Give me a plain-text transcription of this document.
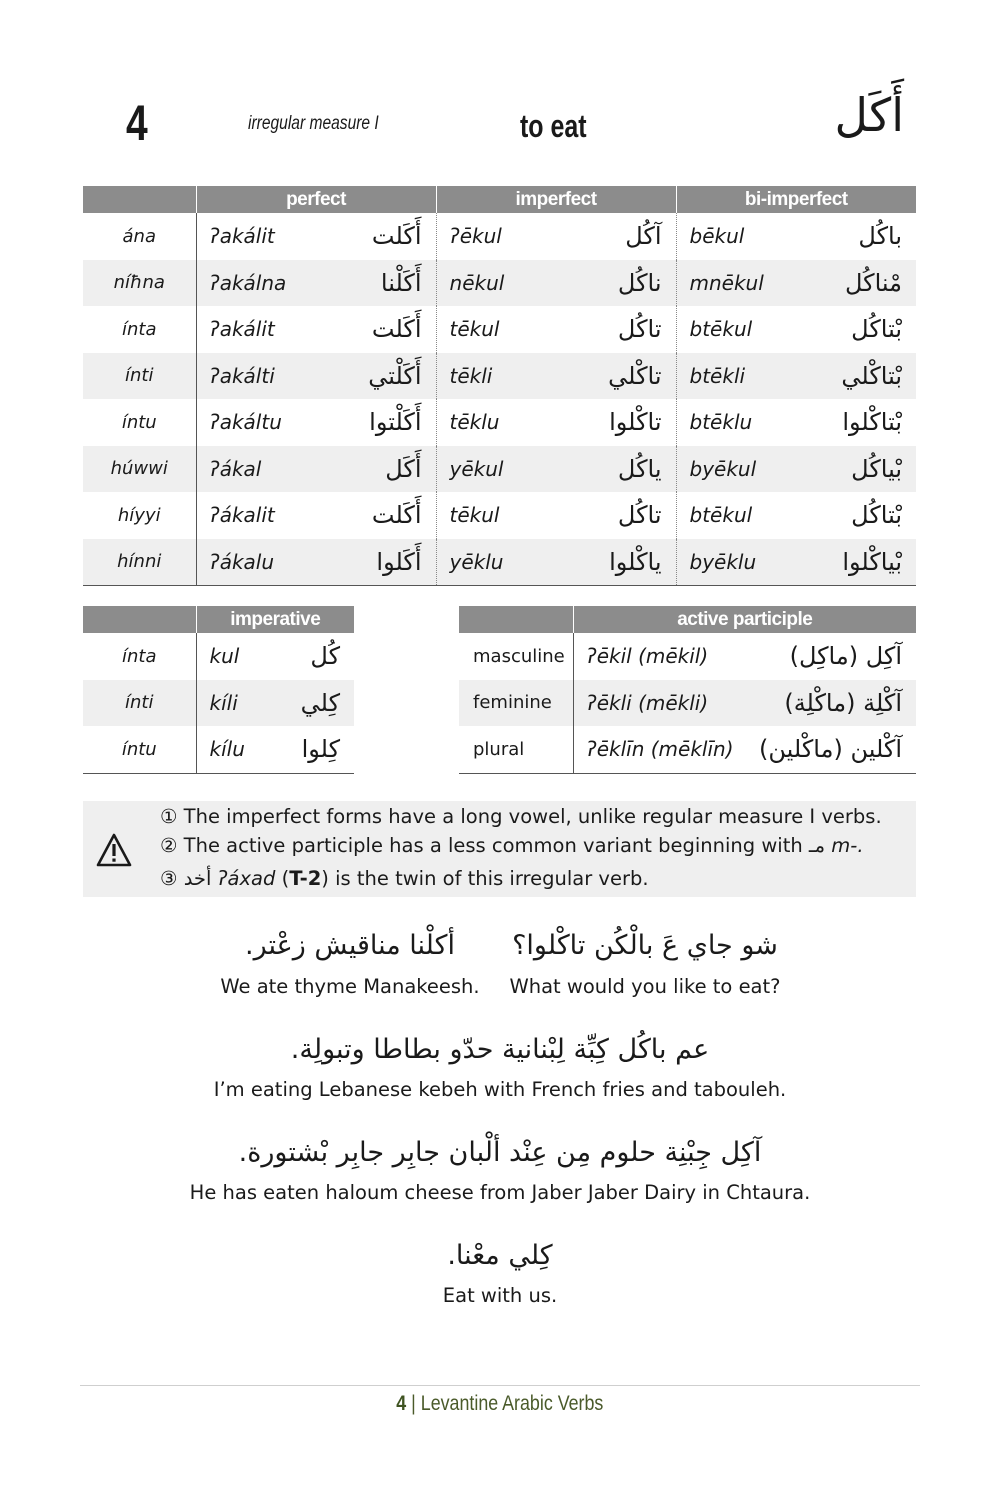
4	irregular measure I	to eat	أَكَل
	perfect		imperfect		bi-imperfect	
ána	ʔakálit	أَكَلت	ʔēkul	آكُل	bēkul	باكُل
níħna	ʔakálna	أَكَلْنا	nēkul	ناكُل	mnēkul	مْناكُل
ínta	ʔakálit	أَكَلت	tēkul	تاكُل	btēkul	بْتاكُل
ínti	ʔakálti	أَكَلْتي	tēkli	تاكْلي	btēkli	بْتاكْلي
íntu	ʔakáltu	أَكَلْتوا	tēklu	تاكْلوا	btēklu	بْتاكْلوا
húwwi	ʔákal	أَكَل	yēkul	ياكُل	byēkul	بْياكُل
híyyi	ʔákalit	أَكَلت	tēkul	تاكُل	btēkul	بْتاكُل
hínni	ʔákalu	أَكَلوا	yēklu	ياكْلوا	byēklu	بْياكْلوا
	imperative	
ínta	kul	كُل
ínti	kíli	كِلي
íntu	kílu	كِلوا
	active participle	
masculine	ʔēkil (mēkil)	آكِل (ماكِل)
feminine	ʔēkli (mēkli)	آكْلِة (ماكْلِة)
plural	ʔēklīn (mēklīn)	آكْلين (ماكْلين)
① The imperfect forms have a long vowel, unlike regular measure I verbs.
② The active participle has a less common variant beginning with مـ m-.
③ أخد ʔáxad (T-2) is the twin of this irregular verb.
شو جاي عَ بالْكُن تاكْلوا؟
What would you like to eat?
أكلْنا مناقيش زعْتر.
We ate thyme Manakeesh.
عم باكُل كِبِّة لِبْنانية حدّو بطاطا وتبولِة.
I’m eating Lebanese kebeh with French fries and tabouleh.
آكِل جِبْنِة حلوم مِن عِنْد ألْبان جابِر جابِر بْشتورة.
He has eaten haloum cheese from Jaber Jaber Dairy in Chtaura.
كِلي معْنا.
Eat with us.
4 | Levantine Arabic Verbs
